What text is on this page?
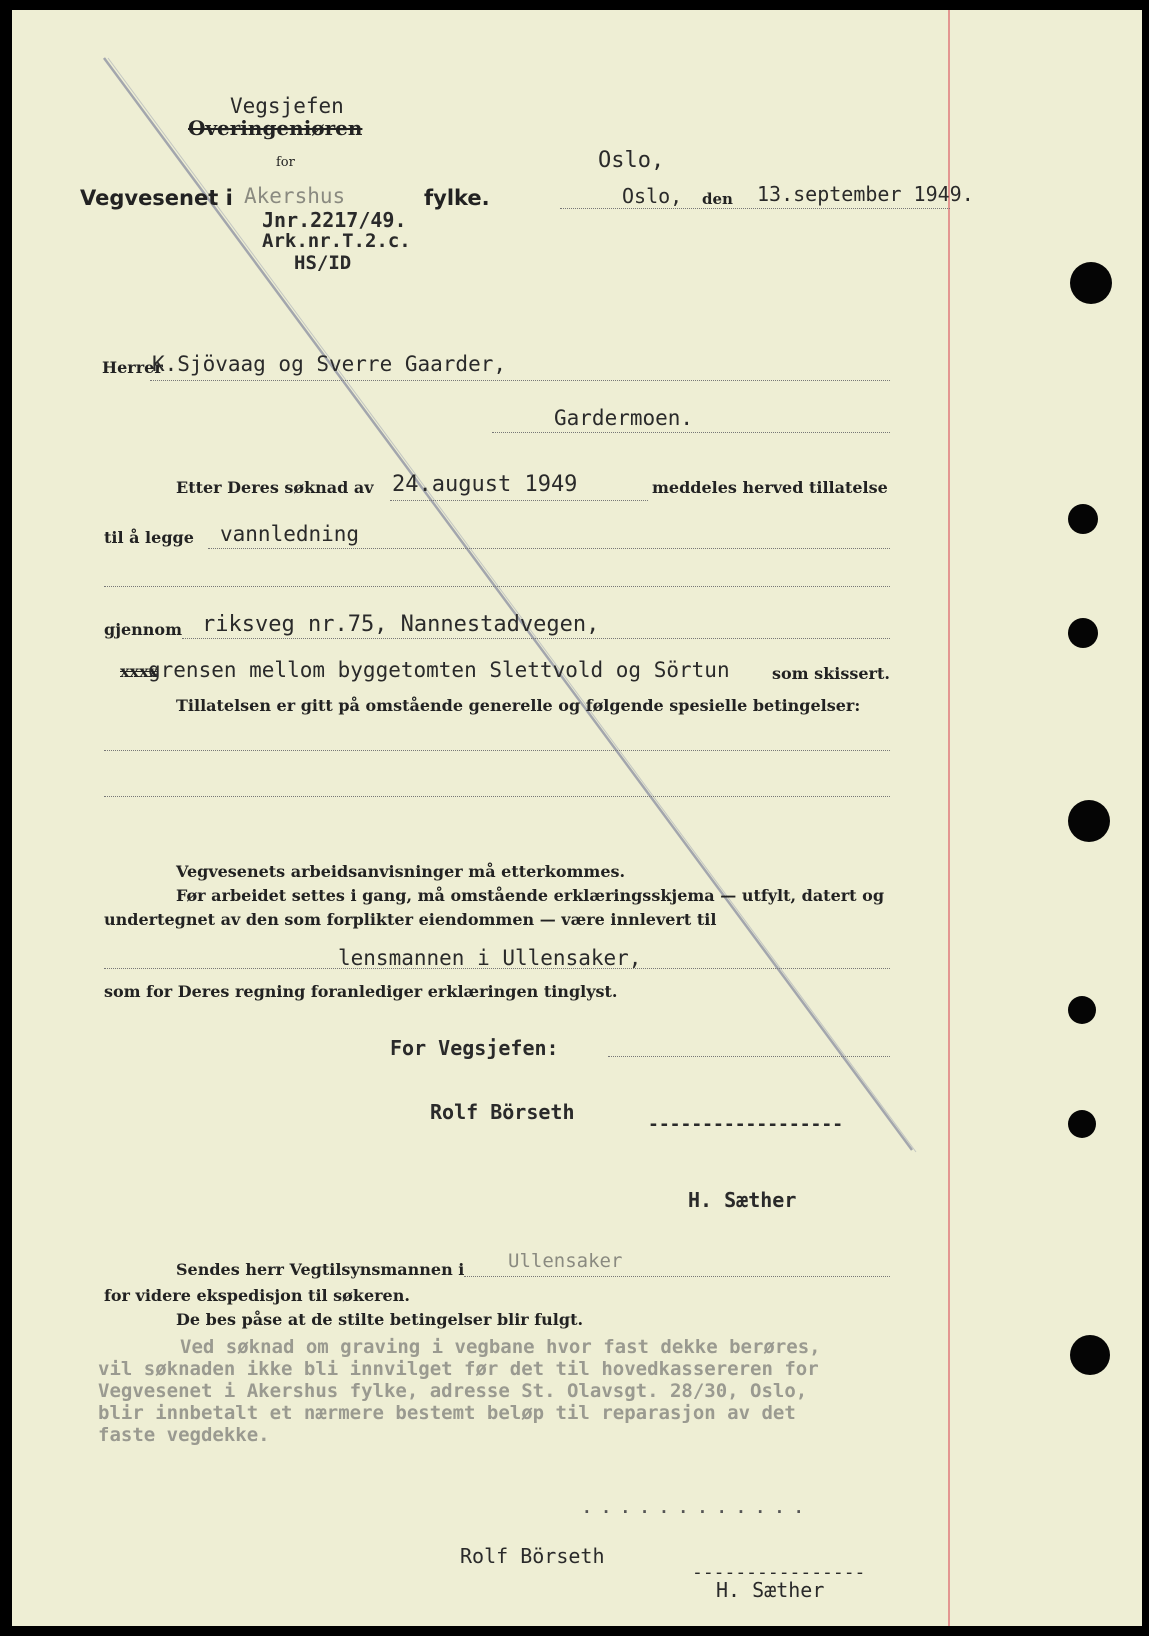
Vegsjefen
Overingeniøren
for
Vegvesenet i Akershus	fylke.
Jnr.2217/49.
Ark.nr.T.2.c.
HS/ID
Oslo,
Oslo, den 13.september 1949.
Herrer
K.Sjövaag og Sverre Gaarder,
Gardermoen.
Etter Deres søknad av 24.august 1949	meddeles herved tillatelse
til å legge vannledning
gjennom riksveg nr.75, Nannestadvegen,
xxxx
grensen mellom byggetomten Slettvold og Sörtun	som skissert.
Tillatelsen er gitt på omstående generelle og følgende spesielle betingelser:
Vegvesenets arbeidsanvisninger må etterkommes.
Før arbeidet settes i gang, må omstående erklæringsskjema — utfylt, datert og
undertegnet av den som forplikter eiendommen — være innlevert til
lensmannen i Ullensaker,
som for Deres regning foranlediger erklæringen tinglyst.
For Vegsjefen:
Rolf Börseth
------------------
H. Sæther
Sendes herr Vegtilsynsmannen i Ullensaker
for videre ekspedisjon til søkeren.
De bes påse at de stilte betingelser blir fulgt.
Ved søknad om graving i vegbane hvor fast dekke berøres,
vil søknaden ikke bli innvilget før det til hovedkassereren for
Vegvesenet i Akershus fylke, adresse St. Olavsgt. 28/30, Oslo,
blir innbetalt et nærmere bestemt beløp til reparasjon av det
faste vegdekke.
. . . . . . . . . . . .
Rolf Börseth
----------------
H. Sæther
